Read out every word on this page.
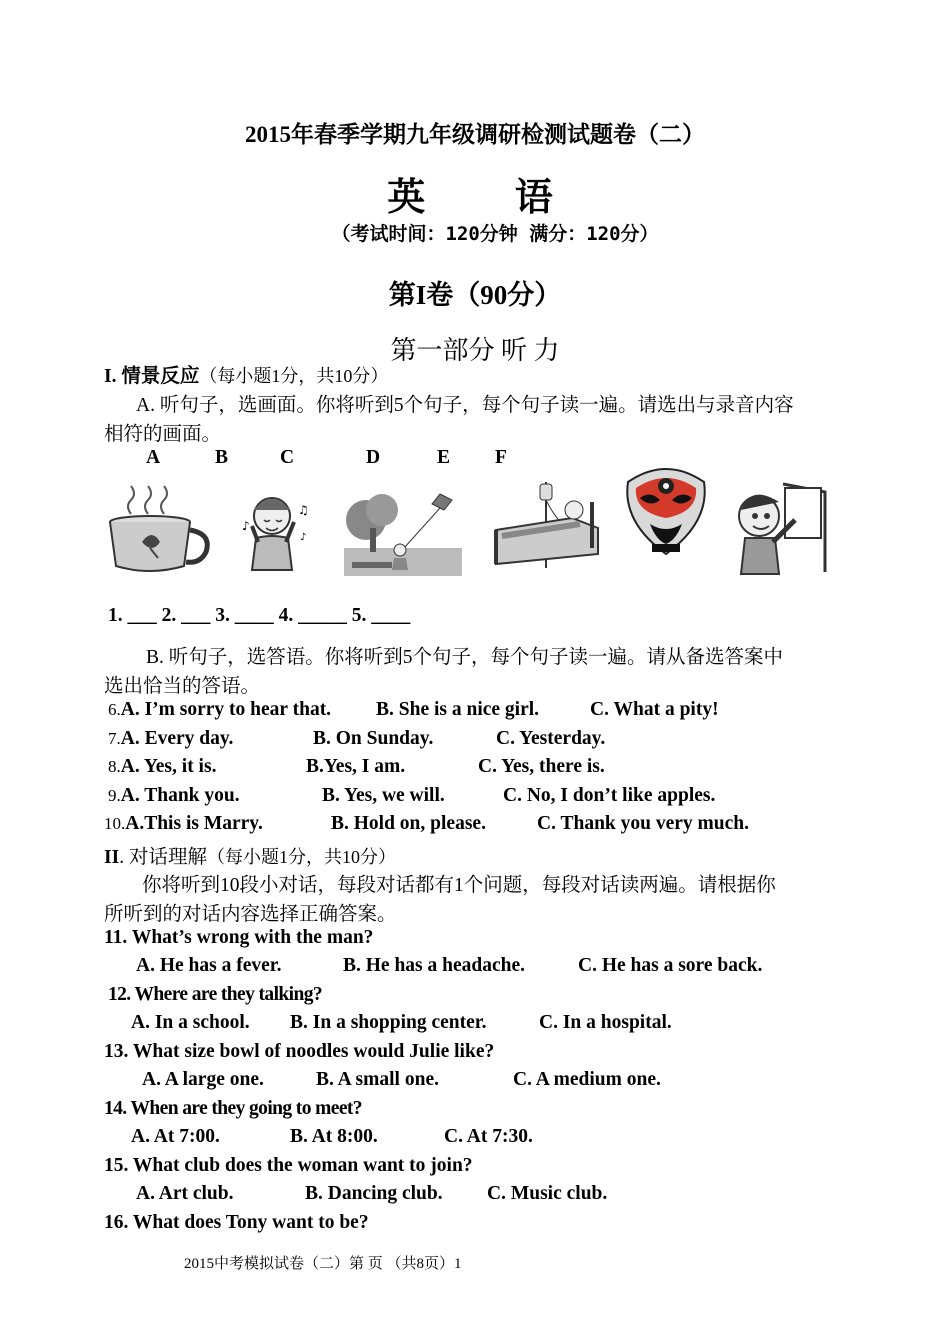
2015年春季学期九年级调研检测试题卷（二）
英 语
（考试时间：120分钟 满分：120分）
第I卷（90分）
第一部分 听 力
I. 情景反应（每小题1分，共10分）
A. 听句子，选画面。你将听到5个句子，每个句子读一遍。请选出与录音内容
相符的画面。
A	B	C	D	E F
♪
♫
♪
1. ___ 2. ___ 3. ____ 4. _____ 5. ____
B. 听句子，选答语。你将听到5个句子，每个句子读一遍。请从备选答案中
选出恰当的答语。
6.A. I’m sorry to hear that. B. She is a nice girl.	C. What a pity!
7.A. Every day.	B. On Sunday.	C. Yesterday.
8.A. Yes, it is.	B.Yes, I am.	C. Yes, there is.
9.A. Thank you.	B. Yes, we will.	C. No, I don’t like apples.
10.A.This is Marry.	B. Hold on, please.	C. Thank you very much.
II. 对话理解（每小题1分，共10分）
你将听到10段小对话，每段对话都有1个问题，每段对话读两遍。请根据你
所听到的对话内容选择正确答案。
11. What’s wrong with the man?
A. He has a fever.	B. He has a headache.	C. He has a sore back.
12. Where are they talking?
A. In a school. B. In a shopping center.	C. In a hospital.
13. What size bowl of noodles would Julie like?
A. A large one.	B. A small one.	C. A medium one.
14. When are they going to meet?
A. At 7:00.	B. At 8:00.	C. At 7:30.
15. What club does the woman want to join?
A. Art club.	B. Dancing club. C. Music club.
16. What does Tony want to be?
2015中考模拟试卷（二）第 页 （共8页）1
